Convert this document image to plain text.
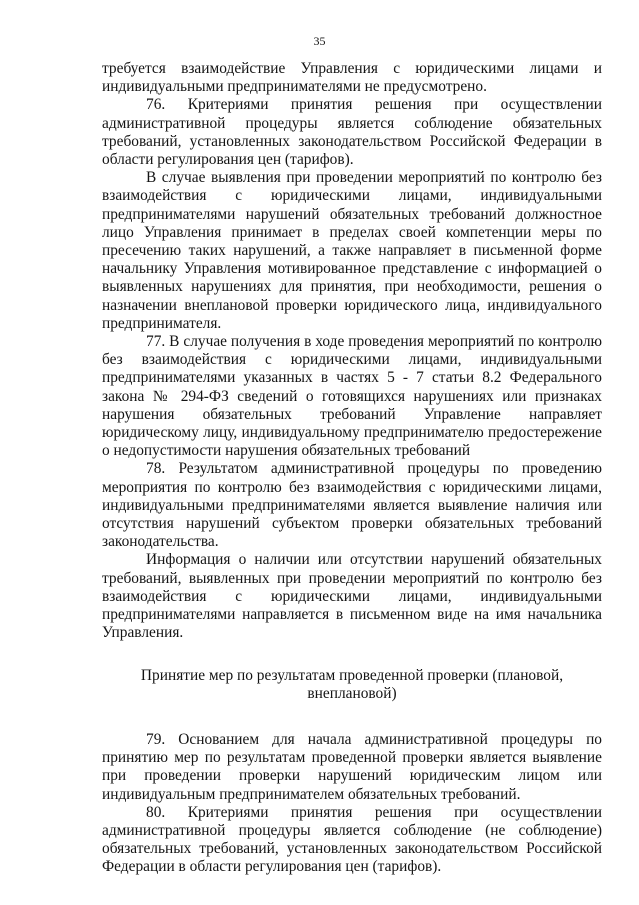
35

требуется взаимодействие Управления с юридическими лицами и индивидуальными предпринимателями не предусмотрено.

76. Критериями принятия решения при осуществлении административной процедуры является соблюдение обязательных требований, установленных законодательством Российской Федерации в области регулирования цен (тарифов).

В случае выявления при проведении мероприятий по контролю без взаимодействия с юридическими лицами, индивидуальными предпринимателями нарушений обязательных требований должностное лицо Управления принимает в пределах своей компетенции меры по пресечению таких нарушений, а также направляет в письменной форме начальнику Управления мотивированное представление с информацией о выявленных нарушениях для принятия, при необходимости, решения о назначении внеплановой проверки юридического лица, индивидуального предпринимателя.

77. В случае получения в ходе проведения мероприятий по контролю без взаимодействия с юридическими лицами, индивидуальными предпринимателями указанных в частях 5 - 7 статьи 8.2 Федерального закона № 294-ФЗ сведений о готовящихся нарушениях или признаках нарушения обязательных требований Управление направляет юридическому лицу, индивидуальному предпринимателю предостережение о недопустимости нарушения обязательных требований

78. Результатом административной процедуры по проведению мероприятия по контролю без взаимодействия с юридическими лицами, индивидуальными предпринимателями является выявление наличия или отсутствия нарушений субъектом проверки обязательных требований законодательства.

Информация о наличии или отсутствии нарушений обязательных требований, выявленных при проведении мероприятий по контролю без взаимодействия с юридическими лицами, индивидуальными предпринимателями направляется в письменном виде на имя начальника Управления.

Принятие мер по результатам проведенной проверки (плановой, внеплановой)

79. Основанием для начала административной процедуры по принятию мер по результатам проведенной проверки является выявление при проведении проверки нарушений юридическим лицом или индивидуальным предпринимателем обязательных требований.

80. Критериями принятия решения при осуществлении административной процедуры является соблюдение (не соблюдение) обязательных требований, установленных законодательством Российской Федерации в области регулирования цен (тарифов).
